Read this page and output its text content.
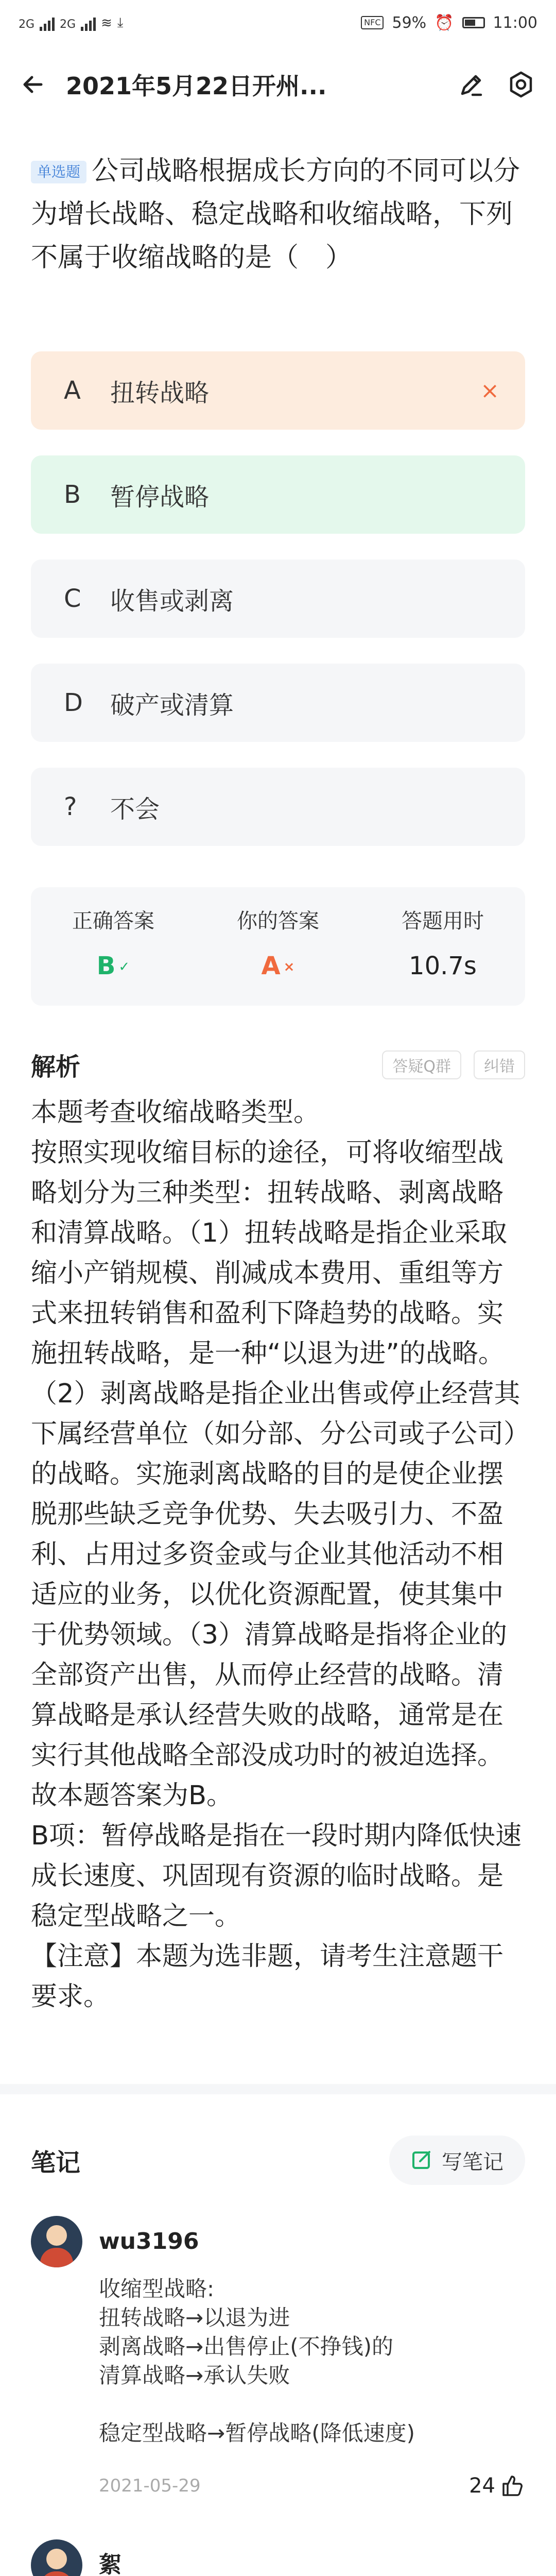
2G 2G ≋ ⤓	NFC 59% ⏰	11:00
2021年5月22日开州...
单选题 公司战略根据成长方向的不同可以分为增长战略、稳定战略和收缩战略，下列不属于收缩战略的是（　）
A	扭转战略	×
B	暂停战略
C	收售或剥离
D	破产或清算
?	不会
正确答案
B ✓
你的答案
A ×
答题用时
10.7s
解析	答疑Q群	纠错
本题考查收缩战略类型。
按照实现收缩目标的途径，可将收缩型战略划分为三种类型：扭转战略、剥离战略和清算战略。（1）扭转战略是指企业采取缩小产销规模、削减成本费用、重组等方式来扭转销售和盈利下降趋势的战略。实施扭转战略，是一种“以退为进”的战略。（2）剥离战略是指企业出售或停止经营其下属经营单位（如分部、分公司或子公司）的战略。实施剥离战略的目的是使企业摆脱那些缺乏竞争优势、失去吸引力、不盈利、占用过多资金或与企业其他活动不相适应的业务，以优化资源配置，使其集中于优势领域。（3）清算战略是指将企业的全部资产出售，从而停止经营的战略。清算战略是承认经营失败的战略，通常是在实行其他战略全部没成功时的被迫选择。故本题答案为B。
B项：暂停战略是指在一段时期内降低快速成长速度、巩固现有资源的临时战略。是稳定型战略之一。
【注意】本题为选非题，请考生注意题干要求。
笔记	写笔记
wu3196
收缩型战略:
扭转战略→以退为进
剥离战略→出售停止(不挣钱)的
清算战略→承认失败

稳定型战略→暂停战略(降低速度)
2021-05-29	24
絮
